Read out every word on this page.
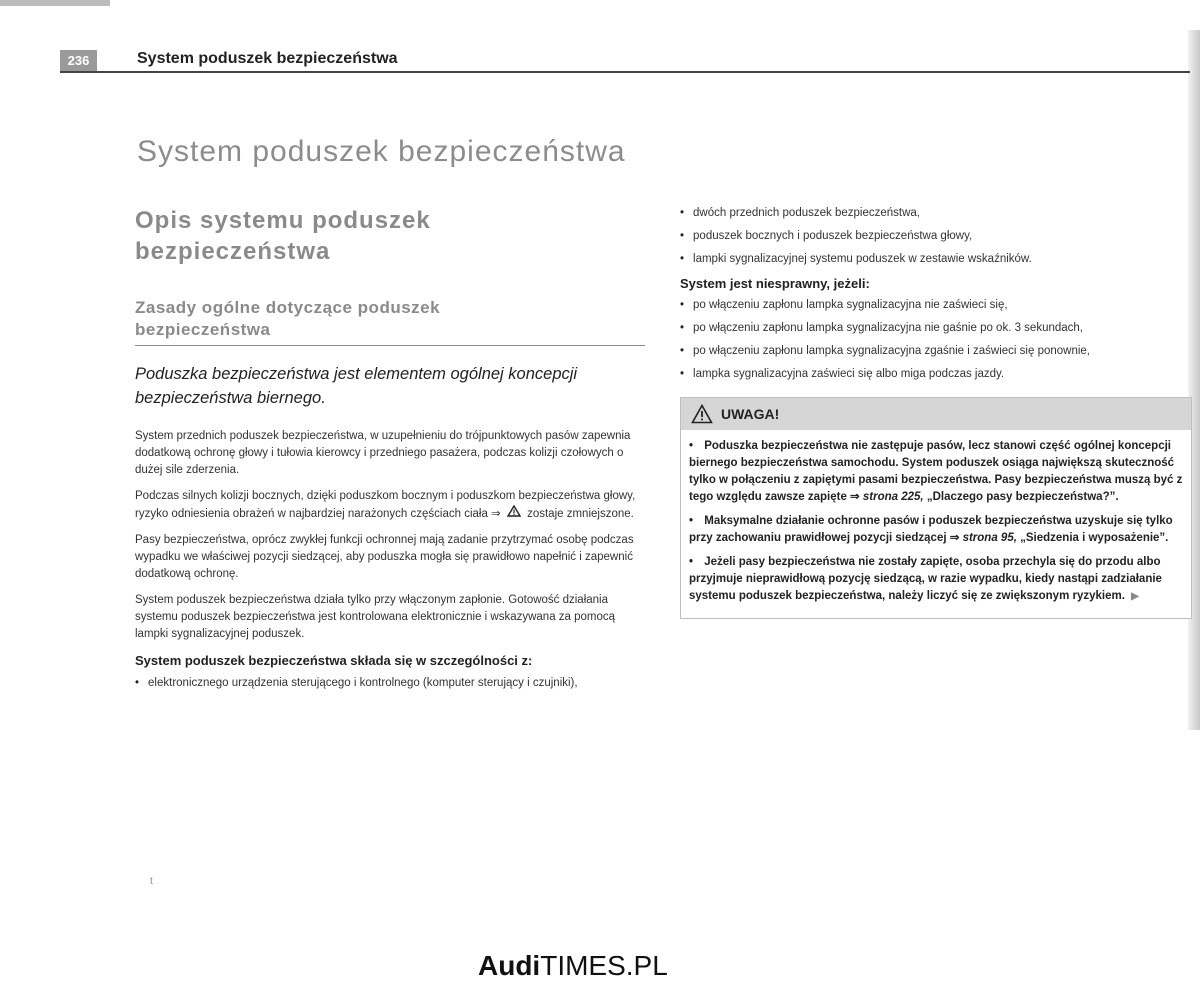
236	System poduszek bezpieczeństwa
System poduszek bezpieczeństwa
Opis systemu poduszek
bezpieczeństwa
Zasady ogólne dotyczące poduszek
bezpieczeństwa

Poduszka bezpieczeństwa jest elementem ogólnej koncepcji bezpieczeństwa biernego.

System przednich poduszek bezpieczeństwa, w uzupełnieniu do trójpunktowych pasów zapewnia dodatkową ochronę głowy i tułowia kierowcy i przedniego pasażera, podczas kolizji czołowych o dużej sile zderzenia.

Podczas silnych kolizji bocznych, dzięki poduszkom bocznym i poduszkom bezpieczeństwa głowy, ryzyko odniesienia obrażeń w najbardziej narażonych częściach ciała ⇒ zostaje zmniejszone.

Pasy bezpieczeństwa, oprócz zwykłej funkcji ochronnej mają zadanie przytrzymać osobę podczas wypadku we właściwej pozycji siedzącej, aby poduszka mogła się prawidłowo napełnić i zapewnić dodatkową ochronę.

System poduszek bezpieczeństwa działa tylko przy włączonym zapłonie. Gotowość działania systemu poduszek bezpieczeństwa jest kontrolowana elektronicznie i wskazywana za pomocą lampki sygnalizacyjnej poduszek.

System poduszek bezpieczeństwa składa się w szczególności z:

• elektronicznego urządzenia sterującego i kontrolnego (komputer sterujący i czujniki),

t

• dwóch przednich poduszek bezpieczeństwa,

• poduszek bocznych i poduszek bezpieczeństwa głowy,

• lampki sygnalizacyjnej systemu poduszek w zestawie wskaźników.

System jest niesprawny, jeżeli:

• po włączeniu zapłonu lampka sygnalizacyjna nie zaświeci się,

• po włączeniu zapłonu lampka sygnalizacyjna nie gaśnie po ok. 3 sekundach,

• po włączeniu zapłonu lampka sygnalizacyjna zgaśnie i zaświeci się ponownie,

• lampka sygnalizacyjna zaświeci się albo miga podczas jazdy.

UWAGA!

• Poduszka bezpieczeństwa nie zastępuje pasów, lecz stanowi część ogólnej koncepcji biernego bezpieczeństwa samochodu. System poduszek osiąga największą skuteczność tylko w połączeniu z zapiętymi pasami bezpieczeństwa. Pasy bezpieczeństwa muszą być z tego względu zawsze zapięte ⇒ strona 225, „Dlaczego pasy bezpieczeństwa?”.

• Maksymalne działanie ochronne pasów i poduszek bezpieczeństwa uzyskuje się tylko przy zachowaniu prawidłowej pozycji siedzącej ⇒ strona 95, „Siedzenia i wyposażenie”.

• Jeżeli pasy bezpieczeństwa nie zostały zapięte, osoba przechyla się do przodu albo przyjmuje nieprawidłową pozycję siedzącą, w razie wypadku, kiedy nastąpi zadziałanie systemu poduszek bezpieczeństwa, należy liczyć się ze zwiększonym ryzykiem. ▶

AudiTIMES.PL
